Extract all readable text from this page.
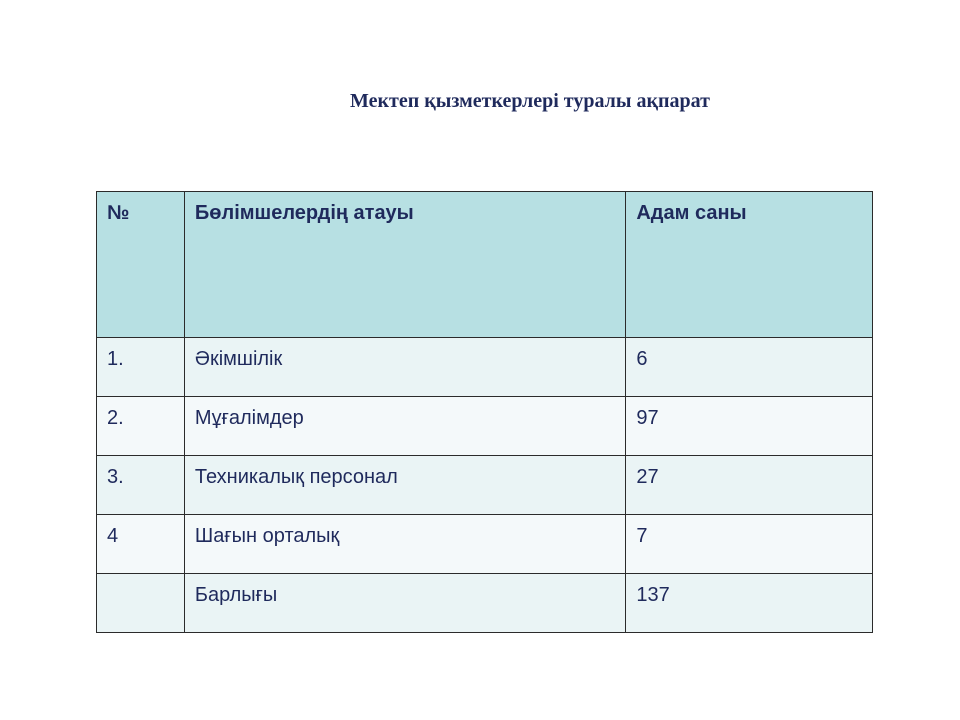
Мектеп қызметкерлері туралы ақпарат
№	Бөлімшелердің атауы	Адам саны
1.	Әкімшілік	6
2.	Мұғалімдер	97
3.	Техникалық персонал	27
4	Шағын орталық	7
	Барлығы	137
